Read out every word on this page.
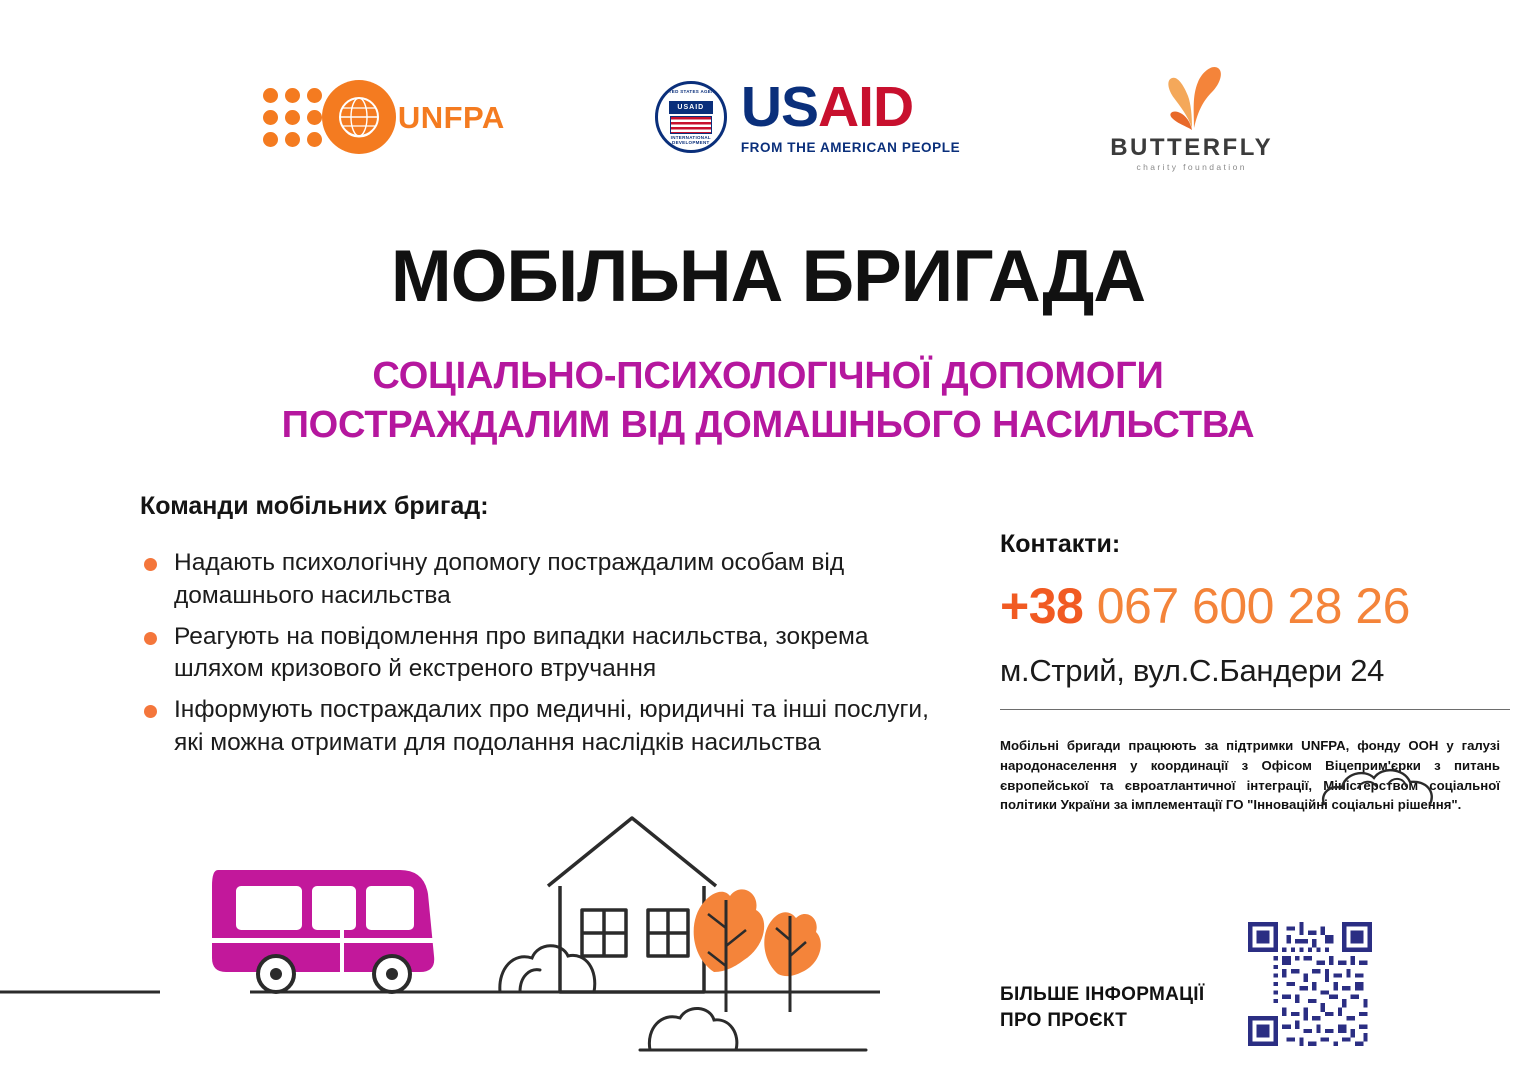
UNFPA
UNITED STATES AGENCY
USAID
INTERNATIONAL DEVELOPMENT
USAID
FROM THE AMERICAN PEOPLE	BUTTERFLY
charity foundation
МОБІЛЬНА БРИГАДА
СОЦІАЛЬНО-ПСИХОЛОГІЧНОЇ ДОПОМОГИ
ПОСТРАЖДАЛИМ ВІД ДОМАШНЬОГО НАСИЛЬСТВА
Команди мобільних бригад:
Надають психологічну допомогу постраждалим особам від домашнього насильства
Реагують на повідомлення про випадки насильства, зокрема шляхом кризового й екстреного втручання
Інформують постраждалих про медичні, юридичні та інші послуги, які можна отримати для подолання наслідків насильства
Контакти:
+38 067 600 28 26
м.Стрий, вул.С.Бандери 24
Мобільні бригади працюють за підтримки UNFPA, фонду ООН у галузі народонаселення у координації з Офісом Віцеприм'єрки з питань європейської та євроатлантичної інтеграції, Міністерством соціальної політики України за імплементації ГО "Інноваційні соціальні рішення".
БІЛЬШЕ ІНФОРМАЦІЇ
ПРО ПРОЄКТ
